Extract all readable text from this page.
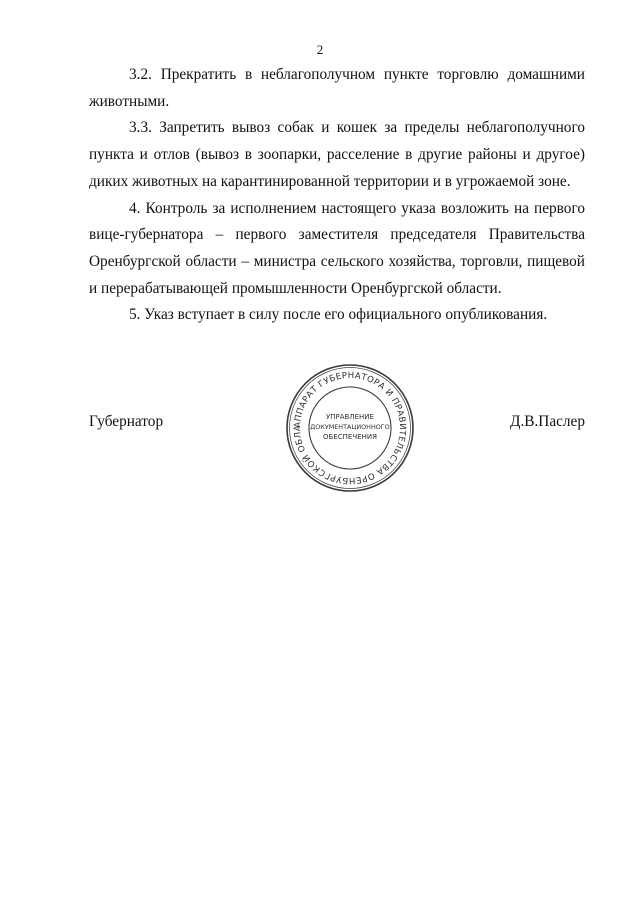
2

3.2. Прекратить в неблагополучном пункте торговлю домашними животными.

3.3. Запретить вывоз собак и кошек за пределы неблагополучного пункта и отлов (вывоз в зоопарки, расселение в другие районы и другое) диких животных на карантинированной территории и в угрожаемой зоне.

4. Контроль за исполнением настоящего указа возложить на первого вице-губернатора – первого заместителя председателя Правительства Оренбургской области – министра сельского хозяйства, торговли, пищевой и перерабатывающей промышленности Оренбургской области.

5. Указ вступает в силу после его официального опубликования.

Губернатор	Д.В.Паслер
АППАРАТ ГУБЕРНАТОРА И ПРАВИТЕЛЬСТВА ОРЕНБУРГСКОЙ ОБЛА
УПРАВЛЕНИЕ
ДОКУМЕНТАЦИОННОГО
ОБЕСПЕЧЕНИЯ
